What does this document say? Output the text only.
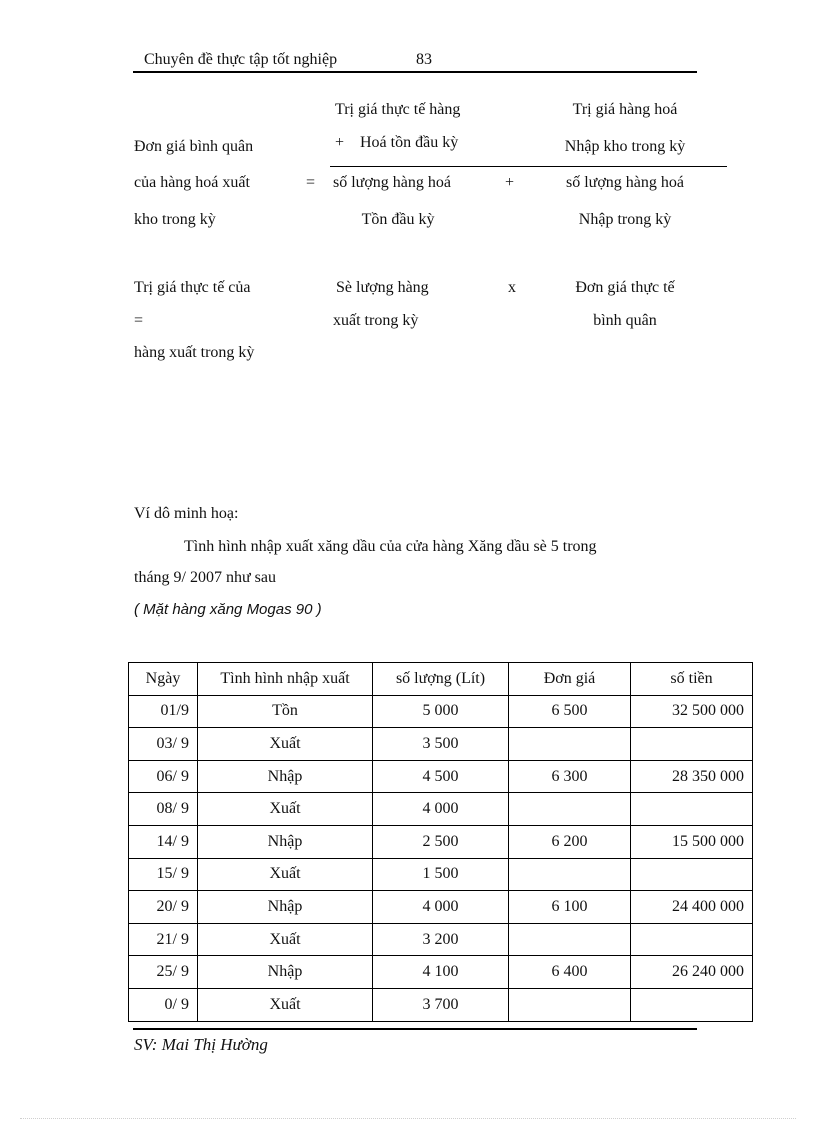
Chuyên đề thực tập tốt nghiệp	83
Đơn giá bình quân
của hàng hoá xuất
kho trong kỳ
=
Trị giá thực tế hàng
+ Hoá tồn đầu kỳ
Trị giá hàng hoá
Nhập kho trong kỳ
số lượng hàng hoá
Tồn đầu kỳ
+	số lượng hàng hoá
Nhập trong kỳ
Trị giá thực tế của
=
hàng xuất trong kỳ
Sè lượng hàng
xuất trong kỳ
x	Đơn giá thực tế
bình quân
Ví dô minh hoạ:
Tình hình nhập xuất xăng dầu của cửa hàng Xăng dầu sè 5 trong
tháng 9/ 2007 như sau
( Mặt hàng xăng Mogas 90 )
Ngày	Tình hình nhập xuất	số lượng (Lít)	Đơn giá	số tiền
01/9	Tồn	5 000	6 500	32 500 000
03/ 9	Xuất	3 500		
06/ 9	Nhập	4 500	6 300	28 350 000
08/ 9	Xuất	4 000		
14/ 9	Nhập	2 500	6 200	15 500 000
15/ 9	Xuất	1 500		
20/ 9	Nhập	4 000	6 100	24 400 000
21/ 9	Xuất	3 200		
25/ 9	Nhập	4 100	6 400	26 240 000
0/ 9	Xuất	3 700		
SV: Mai Thị Hường
